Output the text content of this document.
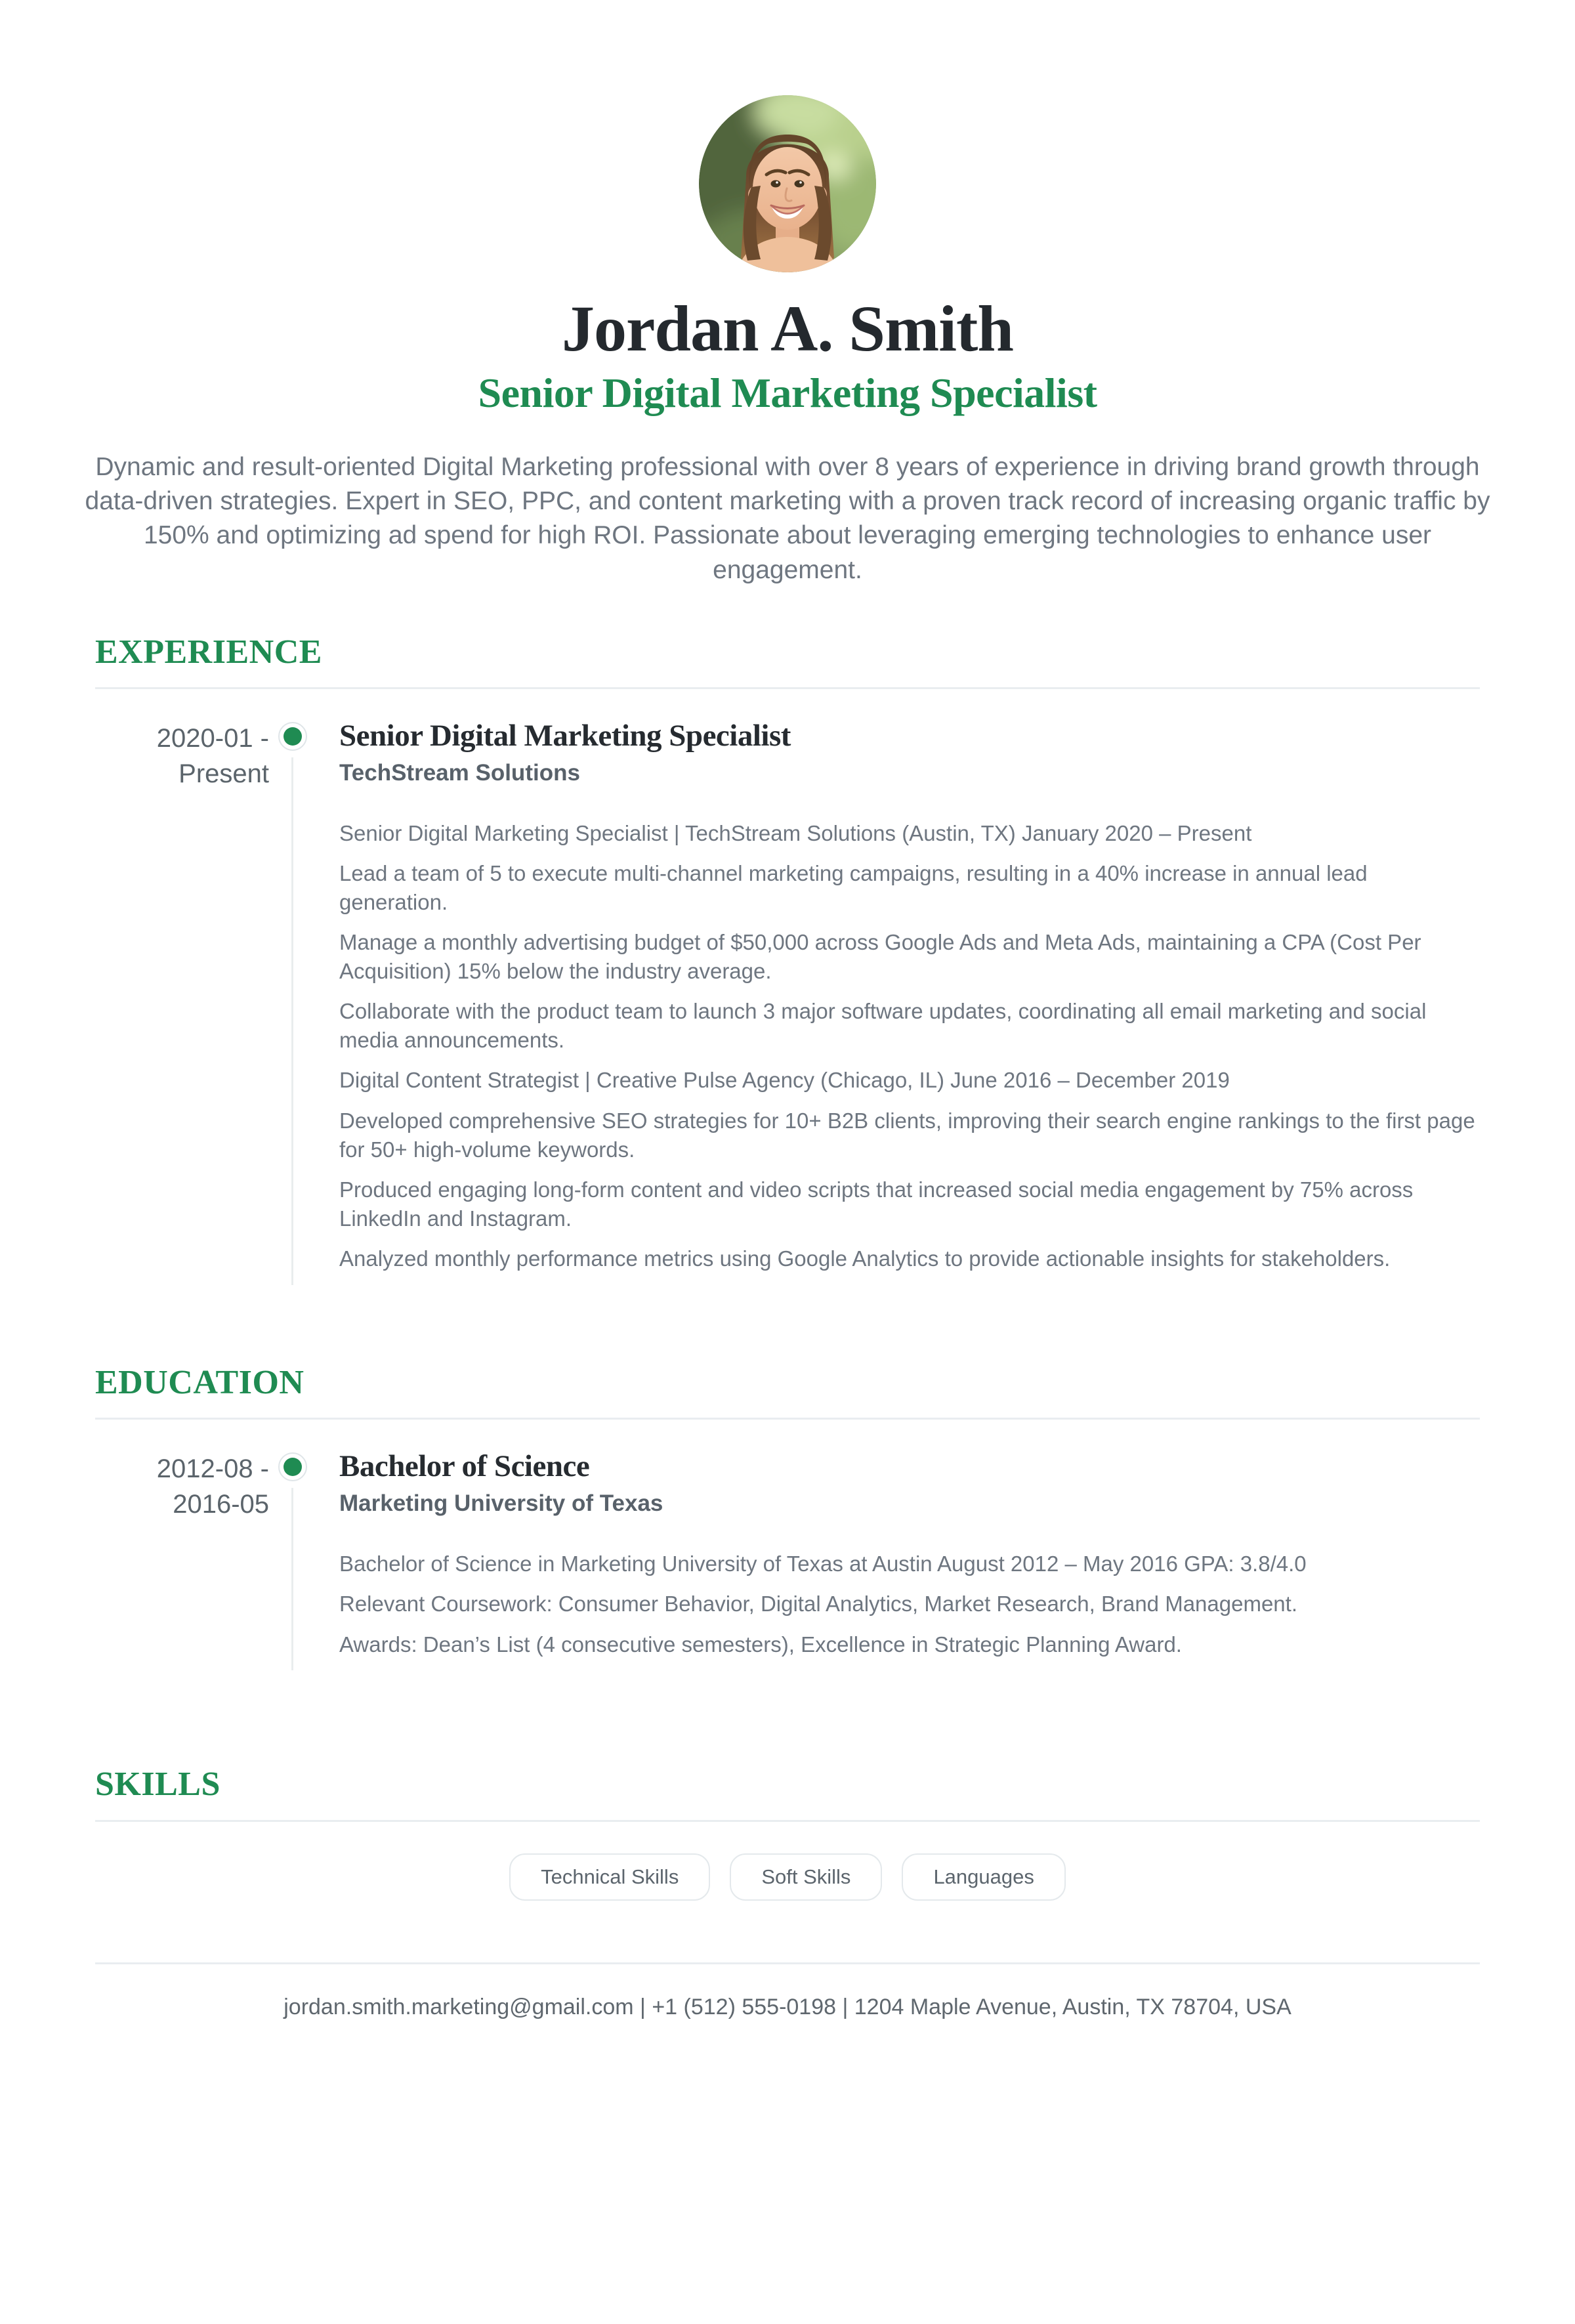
Jordan A. Smith
Senior Digital Marketing Specialist

Dynamic and result-oriented Digital Marketing professional with over 8 years of experience in driving brand growth through data-driven strategies. Expert in SEO, PPC, and content marketing with a proven track record of increasing organic traffic by 150% and optimizing ad spend for high ROI. Passionate about leveraging emerging technologies to enhance user engagement.

EXPERIENCE
2020-01 -
Present
Senior Digital Marketing Specialist
TechStream Solutions

Senior Digital Marketing Specialist | TechStream Solutions (Austin, TX) January 2020 – Present

Lead a team of 5 to execute multi-channel marketing campaigns, resulting in a 40% increase in annual lead generation.

Manage a monthly advertising budget of $50,000 across Google Ads and Meta Ads, maintaining a CPA (Cost Per Acquisition) 15% below the industry average.

Collaborate with the product team to launch 3 major software updates, coordinating all email marketing and social media announcements.

Digital Content Strategist | Creative Pulse Agency (Chicago, IL) June 2016 – December 2019

Developed comprehensive SEO strategies for 10+ B2B clients, improving their search engine rankings to the first page for 50+ high-volume keywords.

Produced engaging long-form content and video scripts that increased social media engagement by 75% across LinkedIn and Instagram.

Analyzed monthly performance metrics using Google Analytics to provide actionable insights for stakeholders.

EDUCATION
2012-08 -
2016-05
Bachelor of Science
Marketing University of Texas

Bachelor of Science in Marketing University of Texas at Austin August 2012 – May 2016 GPA: 3.8/4.0

Relevant Coursework: Consumer Behavior, Digital Analytics, Market Research, Brand Management.

Awards: Dean’s List (4 consecutive semesters), Excellence in Strategic Planning Award.

SKILLS
Technical Skills	Soft Skills	Languages
jordan.smith.marketing@gmail.com | +1 (512) 555-0198 | 1204 Maple Avenue, Austin, TX 78704, USA
